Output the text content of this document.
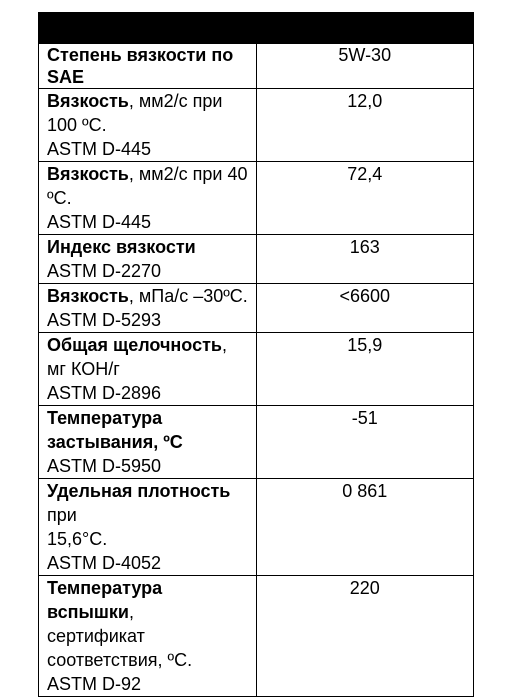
Степень вязкости по SAE	5W-30
Вязкость, мм2/с при 100 ºС.
ASTM D-445	12,0
Вязкость, мм2/с при 40 ºС.
ASTM D-445	72,4
Индекс вязкости
ASTM D-2270	163
Вязкость, мПа/с –30ºС.
ASTM D-5293	<6600
Общая щелочность, мг КОН/г
ASTM D-2896	15,9
Температура застывания, ºС
ASTM D-5950	-51
Удельная плотность при
15,6°С.
ASTM D-4052	0 861
Температура вспышки,
сертификат соответствия, ºС.
ASTM D-92	220
